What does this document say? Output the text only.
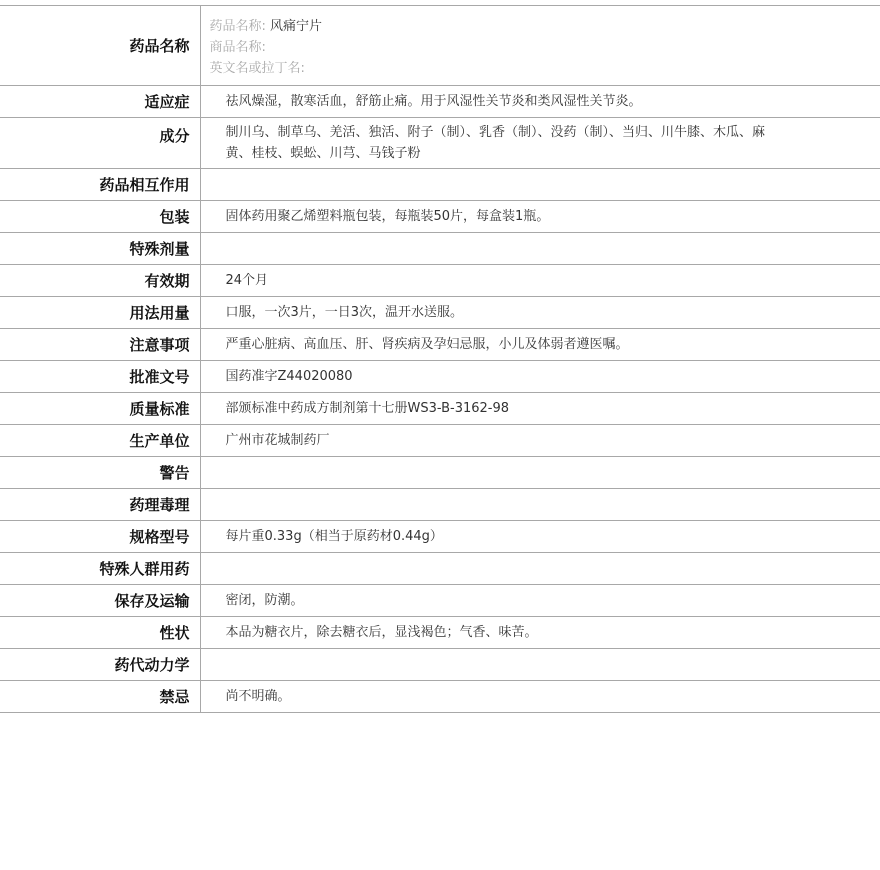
药品名称	药品名称: 风痛宁片
商品名称:
英文名或拉丁名:

适应症	祛风燥湿，散寒活血，舒筋止痛。用于风湿性关节炎和类风湿性关节炎。
成分	制川乌、制草乌、羌活、独活、附子（制）、乳香（制）、没药（制）、当归、川牛膝、木瓜、麻黄、桂枝、蜈蚣、川芎、马钱子粉
药品相互作用	
包装	固体药用聚乙烯塑料瓶包装，每瓶装50片，每盒装1瓶。
特殊剂量	
有效期	24个月
用法用量	口服，一次3片，一日3次，温开水送服。
注意事项	严重心脏病、高血压、肝、肾疾病及孕妇忌服，小儿及体弱者遵医嘱。
批准文号	国药准字Z44020080
质量标准	部颁标准中药成方制剂第十七册WS3-B-3162-98
生产单位	广州市花城制药厂
警告	
药理毒理	
规格型号	每片重0.33g（相当于原药材0.44g）
特殊人群用药	
保存及运输	密闭，防潮。
性状	本品为糖衣片，除去糖衣后，显浅褐色；气香、味苦。
药代动力学	
禁忌	尚不明确。
